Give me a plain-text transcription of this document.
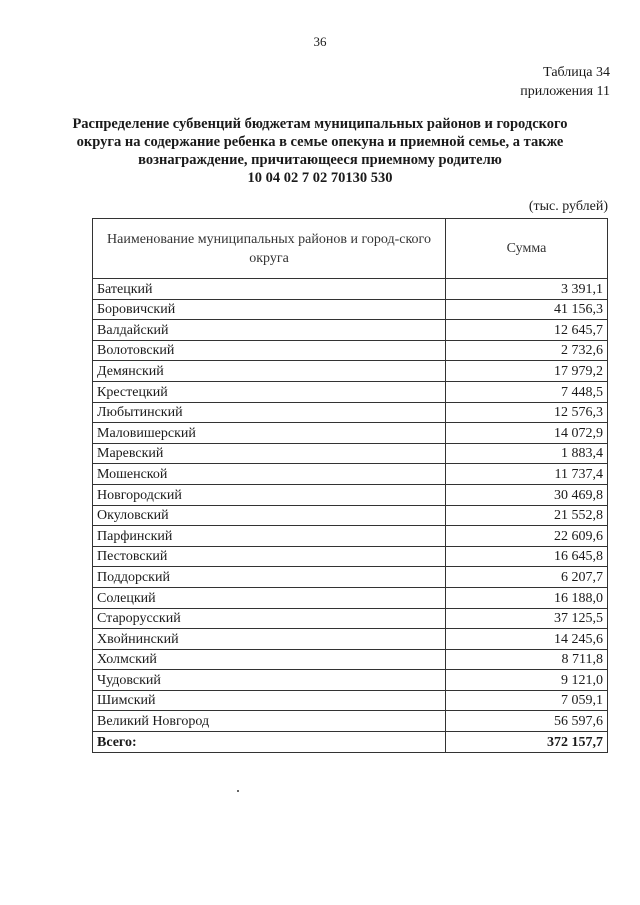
36
Таблица 34
приложения 11
Распределение субвенций бюджетам муниципальных районов и городского
округа на содержание ребенка в семье опекуна и приемной семье, а также
вознаграждение, причитающееся приемному родителю
10 04 02 7 02 70130 530
(тыс. рублей)
Наименование муниципальных районов и город-ского округа	Сумма
Батецкий	3 391,1
Боровичский	41 156,3
Валдайский	12 645,7
Волотовский	2 732,6
Демянский	17 979,2
Крестецкий	7 448,5
Любытинский	12 576,3
Маловишерский	14 072,9
Маревский	1 883,4
Мошенской	11 737,4
Новгородский	30 469,8
Окуловский	21 552,8
Парфинский	22 609,6
Пестовский	16 645,8
Поддорский	6 207,7
Солецкий	16 188,0
Старорусский	37 125,5
Хвойнинский	14 245,6
Холмский	8 711,8
Чудовский	9 121,0
Шимский	7 059,1
Великий Новгород	56 597,6
Всего:	372 157,7
